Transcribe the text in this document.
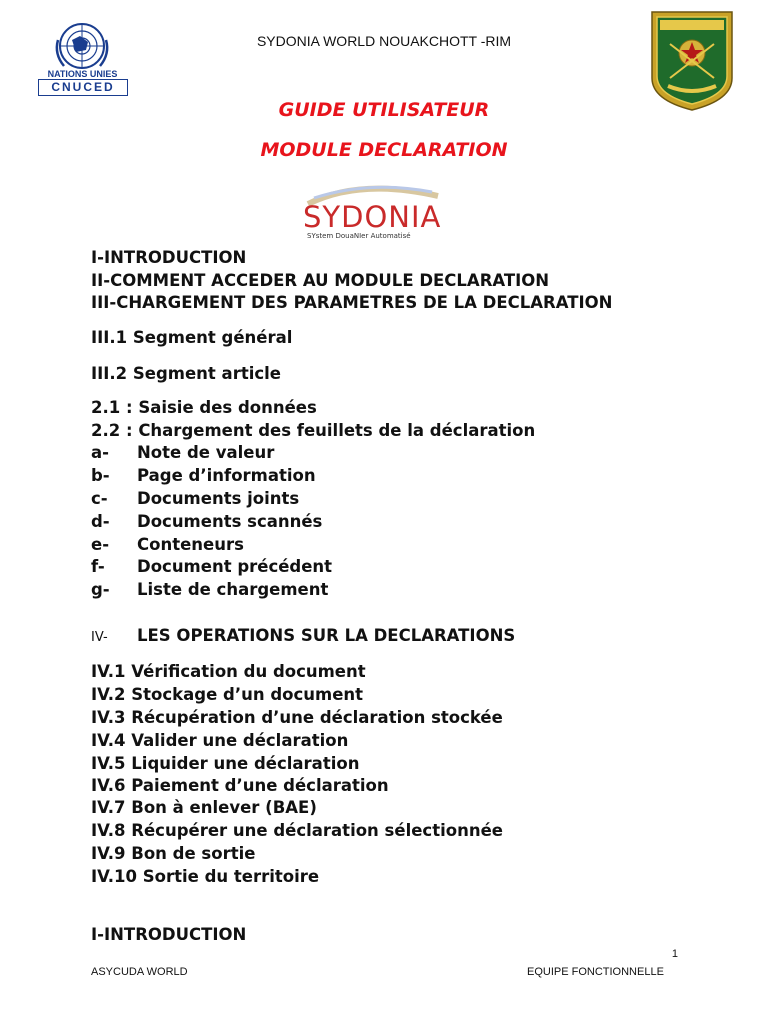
SYDONIA WORLD NOUAKCHOTT -RIM
NATIONS UNIES
CNUCED
GUIDE UTILISATEUR
MODULE DECLARATION
SYDONIA
SYstem DouaNIer Automatisé
I-INTRODUCTION
II-COMMENT ACCEDER AU MODULE DECLARATION
III-CHARGEMENT DES PARAMETRES DE LA DECLARATION
III.1 Segment général
III.2 Segment article
2.1 : Saisie des données
2.2 : Chargement des feuillets de la déclaration
a- Note de valeur
b- Page d’information
c- Documents joints
d- Documents scannés
e- Conteneurs
f- Document précédent
g- Liste de chargement
IV- LES OPERATIONS SUR LA DECLARATIONS
IV.1 Vérification du document
IV.2 Stockage d’un document
IV.3 Récupération d’une déclaration stockée
IV.4 Valider une déclaration
IV.5 Liquider une déclaration
IV.6 Paiement d’une déclaration
IV.7 Bon à enlever (BAE)
IV.8 Récupérer une déclaration sélectionnée
IV.9 Bon de sortie
IV.10 Sortie du territoire
I-INTRODUCTION
1
ASYCUDA WORLD	EQUIPE FONCTIONNELLE
